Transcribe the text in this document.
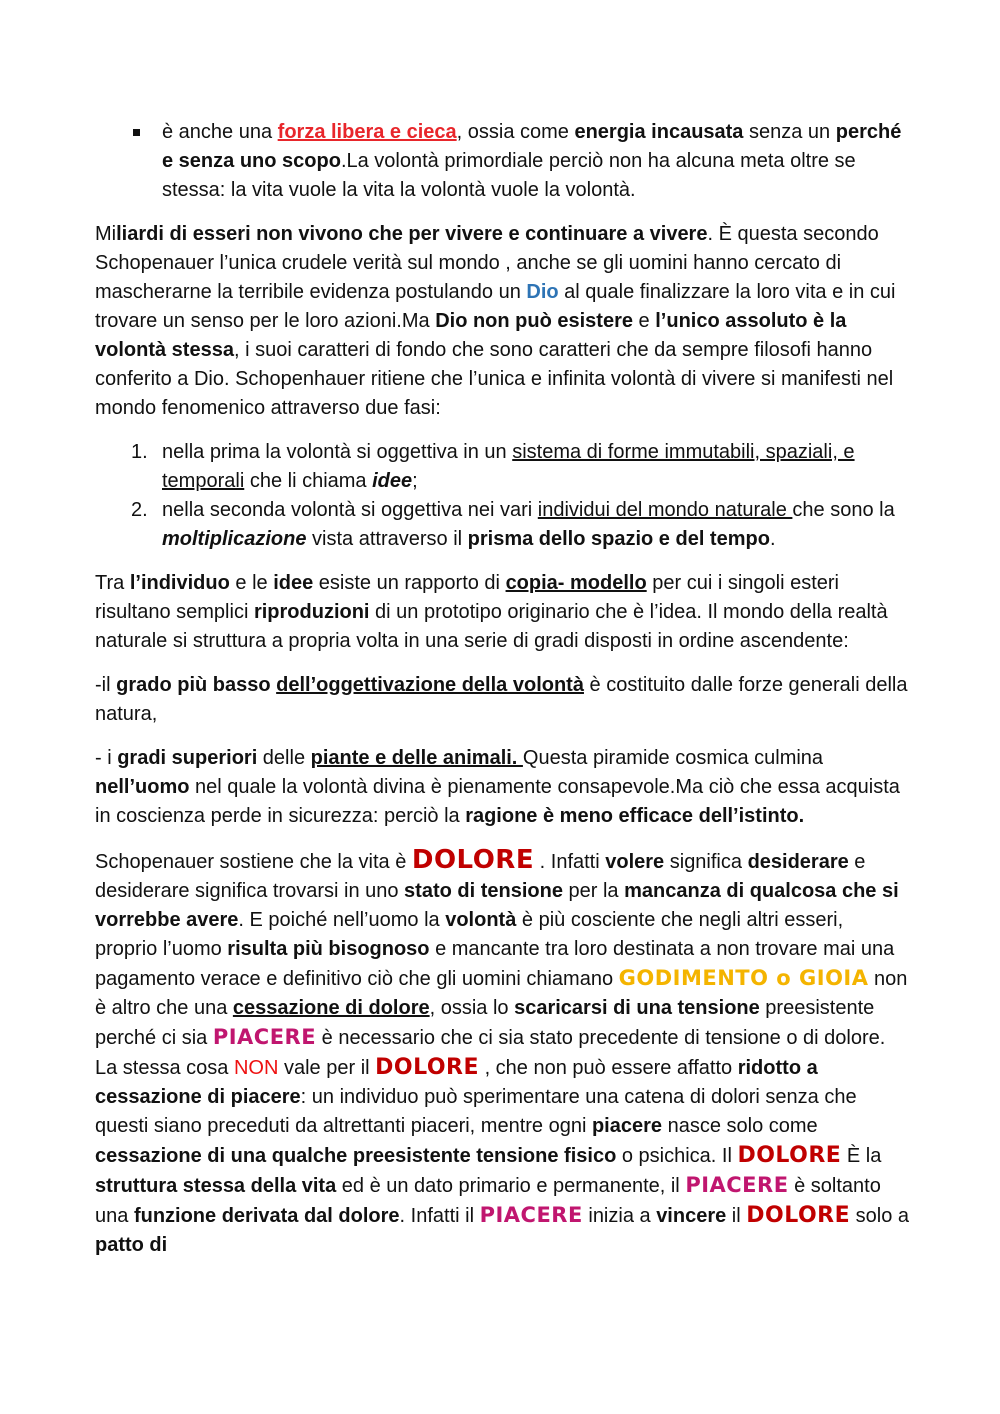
è anche una forza libera e cieca, ossia come energia incausata senza un perché e senza uno scopo.La volontà primordiale perciò non ha alcuna meta oltre se stessa: la vita vuole la vita la volontà vuole la volontà.

Miliardi di esseri non vivono che per vivere e continuare a vivere. È questa secondo Schopenauer l’unica crudele verità sul mondo , anche se gli uomini hanno cercato di mascherarne la terribile evidenza postulando un Dio al quale finalizzare la loro vita e in cui trovare un senso per le loro azioni.Ma Dio non può esistere e l’unico assoluto è la volontà stessa, i suoi caratteri di fondo che sono caratteri che da sempre filosofi hanno conferito a Dio. Schopenhauer ritiene che l’unica e infinita volontà di vivere si manifesti nel mondo fenomenico attraverso due fasi:

1. nella prima la volontà si oggettiva in un sistema di forme immutabili, spaziali, e temporali che li chiama idee;
2. nella seconda volontà si oggettiva nei vari individui del mondo naturale che sono la moltiplicazione vista attraverso il prisma dello spazio e del tempo.

Tra l’individuo e le idee esiste un rapporto di copia- modello per cui i singoli esteri risultano semplici riproduzioni di un prototipo originario che è l’idea. Il mondo della realtà naturale si struttura a propria volta in una serie di gradi disposti in ordine ascendente:

-il grado più basso dell’oggettivazione della volontà è costituito dalle forze generali della natura,

- i gradi superiori delle piante e delle animali. Questa piramide cosmica culmina nell’uomo nel quale la volontà divina è pienamente consapevole.Ma ciò che essa acquista in coscienza perde in sicurezza: perciò la ragione è meno efficace dell’istinto.

Schopenauer sostiene che la vita è DOLORE . Infatti volere significa desiderare e desiderare significa trovarsi in uno stato di tensione per la mancanza di qualcosa che si vorrebbe avere. E poiché nell’uomo la volontà è più cosciente che negli altri esseri, proprio l’uomo risulta più bisognoso e mancante tra loro destinata a non trovare mai una pagamento verace e definitivo ciò che gli uomini chiamano GODIMENTO o GIOIA non è altro che una cessazione di dolore, ossia lo scaricarsi di una tensione preesistente perché ci sia PIACERE è necessario che ci sia stato precedente di tensione o di dolore. La stessa cosa NON vale per il DOLORE , che non può essere affatto ridotto a cessazione di piacere: un individuo può sperimentare una catena di dolori senza che questi siano preceduti da altrettanti piaceri, mentre ogni piacere nasce solo come cessazione di una qualche preesistente tensione fisico o psichica. Il DOLORE È la struttura stessa della vita ed è un dato primario e permanente, il PIACERE è soltanto una funzione derivata dal dolore. Infatti il PIACERE inizia a vincere il DOLORE solo a patto di
